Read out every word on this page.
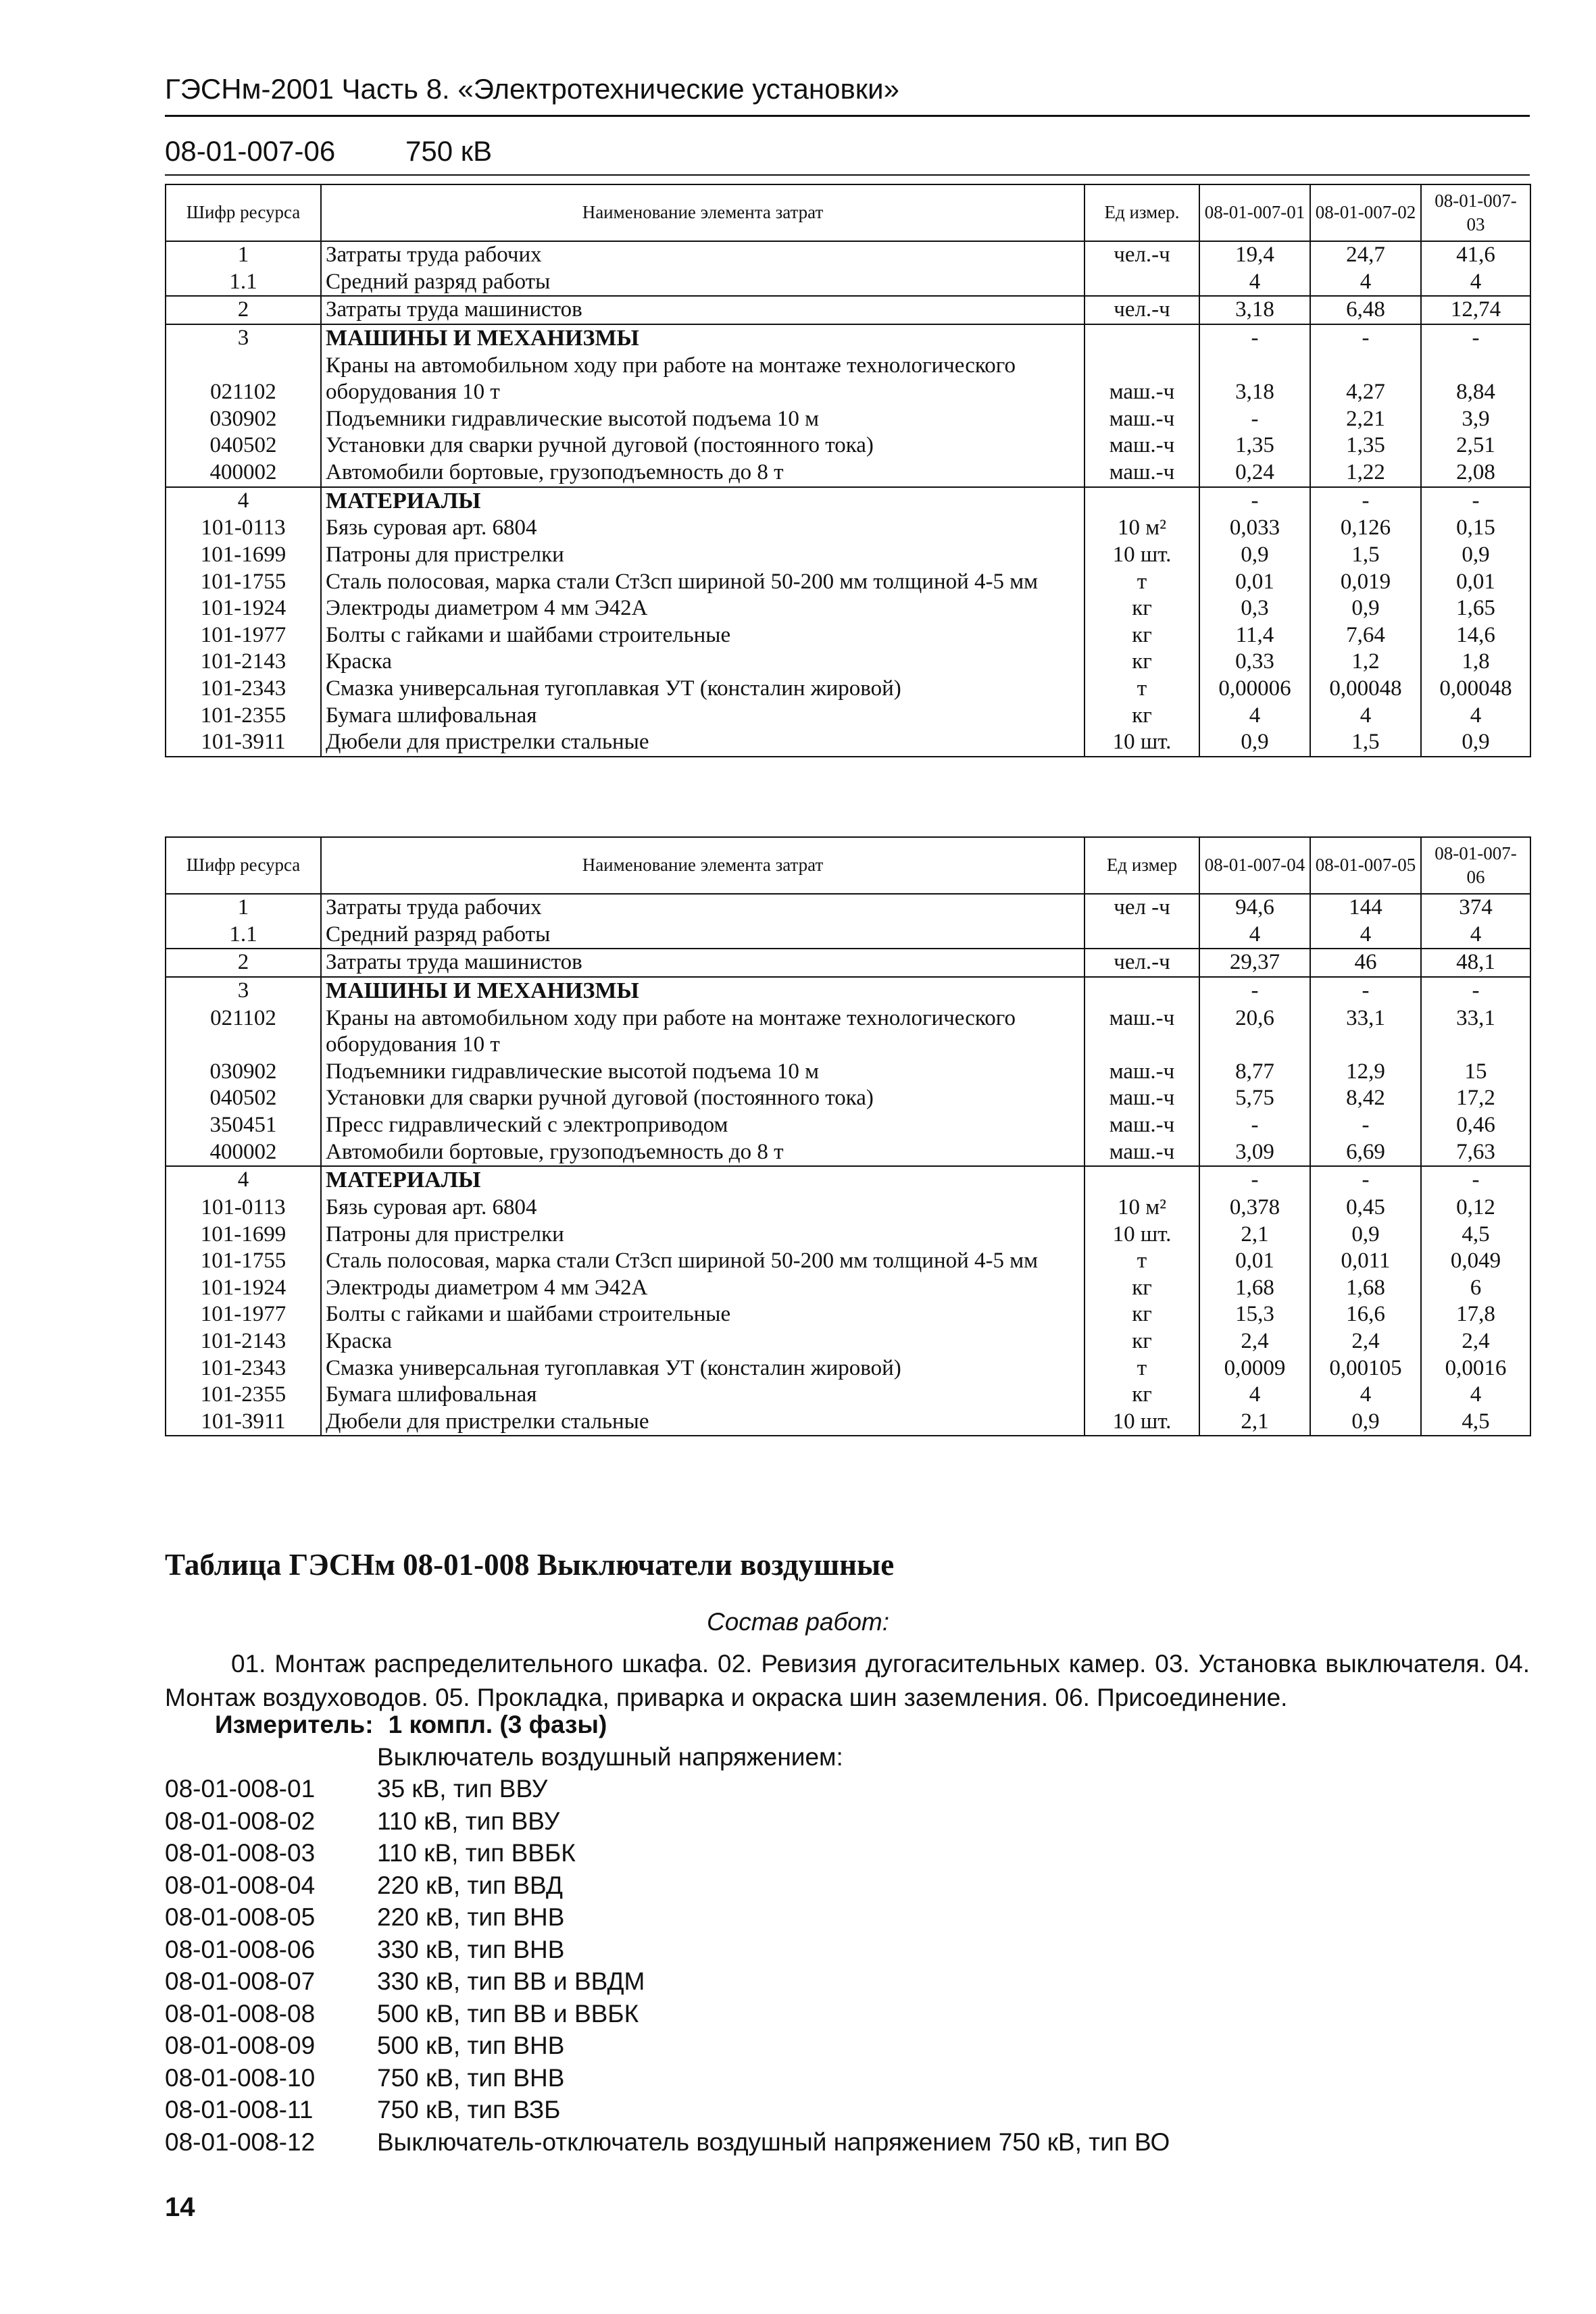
ГЭСНм-2001 Часть 8. «Электротехнические установки»
08-01-007-06 750 кВ
Шифр ресурса	Наименование элемента затрат	Ед измер.	08-01-007-01	08-01-007-02	08-01-007-03
1	Затраты труда рабочих	чел.-ч	19,4	24,7	41,6
1.1	Средний разряд работы		4	4	4
2	Затраты труда машинистов	чел.-ч	3,18	6,48	12,74
3	МАШИНЫ И МЕХАНИЗМЫ		-	-	-
021102	Краны на автомобильном ходу при работе на монтаже технологического оборудования 10 т	маш.-ч	3,18	4,27	8,84
030902	Подъемники гидравлические высотой подъема 10 м	маш.-ч	-	2,21	3,9
040502	Установки для сварки ручной дуговой (постоянного тока)	маш.-ч	1,35	1,35	2,51
400002	Автомобили бортовые, грузоподъемность до 8 т	маш.-ч	0,24	1,22	2,08
4	МАТЕРИАЛЫ		-	-	-
101-0113	Бязь суровая арт. 6804	10 м²	0,033	0,126	0,15
101-1699	Патроны для пристрелки	10 шт.	0,9	1,5	0,9
101-1755	Сталь полосовая, марка стали Ст3сп шириной 50-200 мм толщиной 4-5 мм	т	0,01	0,019	0,01
101-1924	Электроды диаметром 4 мм Э42А	кг	0,3	0,9	1,65
101-1977	Болты с гайками и шайбами строительные	кг	11,4	7,64	14,6
101-2143	Краска	кг	0,33	1,2	1,8
101-2343	Смазка универсальная тугоплавкая УТ (консталин жировой)	т	0,00006	0,00048	0,00048
101-2355	Бумага шлифовальная	кг	4	4	4
101-3911	Дюбели для пристрелки стальные	10 шт.	0,9	1,5	0,9
Шифр ресурса	Наименование элемента затрат	Ед измер	08-01-007-04	08-01-007-05	08-01-007-06
1	Затраты труда рабочих	чел -ч	94,6	144	374
1.1	Средний разряд работы		4	4	4
2	Затраты труда машинистов	чел.-ч	29,37	46	48,1
3	МАШИНЫ И МЕХАНИЗМЫ		-	-	-
021102	Краны на автомобильном ходу при работе на монтаже технологического оборудования 10 т	маш.-ч	20,6	33,1	33,1
030902	Подъемники гидравлические высотой подъема 10 м	маш.-ч	8,77	12,9	15
040502	Установки для сварки ручной дуговой (постоянного тока)	маш.-ч	5,75	8,42	17,2
350451	Пресс гидравлический с электроприводом	маш.-ч	-	-	0,46
400002	Автомобили бортовые, грузоподъемность до 8 т	маш.-ч	3,09	6,69	7,63
4	МАТЕРИАЛЫ		-	-	-
101-0113	Бязь суровая арт. 6804	10 м²	0,378	0,45	0,12
101-1699	Патроны для пристрелки	10 шт.	2,1	0,9	4,5
101-1755	Сталь полосовая, марка стали Ст3сп шириной 50-200 мм толщиной 4-5 мм	т	0,01	0,011	0,049
101-1924	Электроды диаметром 4 мм Э42А	кг	1,68	1,68	6
101-1977	Болты с гайками и шайбами строительные	кг	15,3	16,6	17,8
101-2143	Краска	кг	2,4	2,4	2,4
101-2343	Смазка универсальная тугоплавкая УТ (консталин жировой)	т	0,0009	0,00105	0,0016
101-2355	Бумага шлифовальная	кг	4	4	4
101-3911	Дюбели для пристрелки стальные	10 шт.	2,1	0,9	4,5
Таблица ГЭСНм 08-01-008 Выключатели воздушные
Состав работ:
01. Монтаж распределительного шкафа. 02. Ревизия дугогасительных камер. 03. Установка выключателя. 04. Монтаж воздуховодов. 05. Прокладка, приварка и окраска шин заземления. 06. Присоединение.
Измеритель: 1 компл. (3 фазы)
Выключатель воздушный напряжением:
08-01-008-01 35 кВ, тип ВВУ
08-01-008-02 110 кВ, тип ВВУ
08-01-008-03 110 кВ, тип ВВБК
08-01-008-04 220 кВ, тип ВВД
08-01-008-05 220 кВ, тип ВНВ
08-01-008-06 330 кВ, тип ВНВ
08-01-008-07 330 кВ, тип ВВ и ВВДМ
08-01-008-08 500 кВ, тип ВВ и ВВБК
08-01-008-09 500 кВ, тип ВНВ
08-01-008-10 750 кВ, тип ВНВ
08-01-008-11	750 кВ, тип ВЗБ
08-01-008-12 Выключатель-отключатель воздушный напряжением 750 кВ, тип ВО
14
